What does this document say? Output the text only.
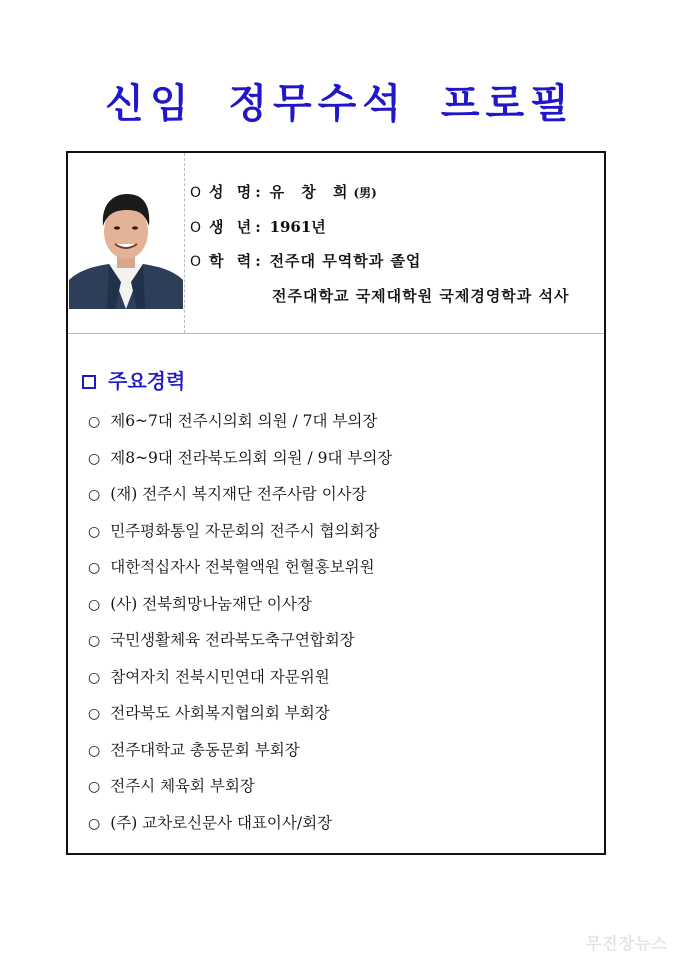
신임 정무수석 프로필
O 성 명: 유 창 희(男)
O 생 년: 1961년
O 학 력: 전주대 무역학과 졸업
전주대학교 국제대학원 국제경영학과 석사
주요경력
○ 제6~7대 전주시의회 의원 / 7대 부의장
○ 제8~9대 전라북도의회 의원 / 9대 부의장
○ (재) 전주시 복지재단 전주사람 이사장
○ 민주평화통일 자문회의 전주시 협의회장
○ 대한적십자사 전북혈액원 헌혈홍보위원
○ (사) 전북희망나눔재단 이사장
○ 국민생활체육 전라북도축구연합회장
○ 참여자치 전북시민연대 자문위원
○ 전라북도 사회복지협의회 부회장
○ 전주대학교 총동문회 부회장
○ 전주시 체육회 부회장
○ (주) 교차로신문사 대표이사/회장
무진장뉴스
